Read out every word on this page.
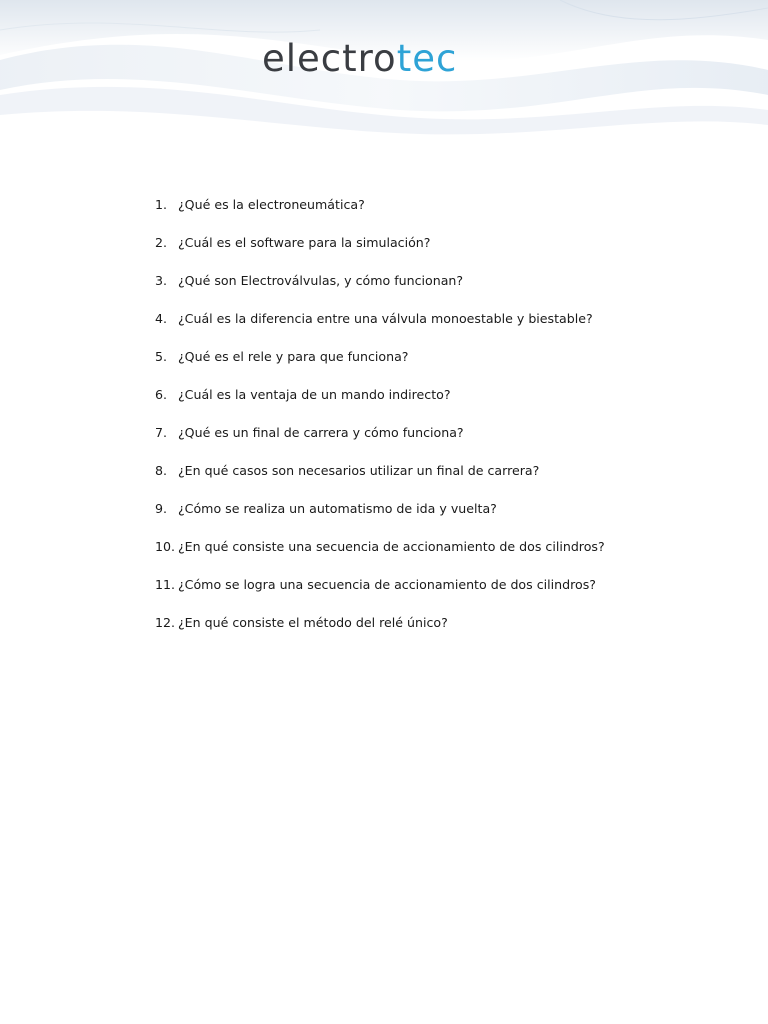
electrotec
1. ¿Qué es la electroneumática?
2. ¿Cuál es el software para la simulación?
3. ¿Qué son Electroválvulas, y cómo funcionan?
4. ¿Cuál es la diferencia entre una válvula monoestable y biestable?
5. ¿Qué es el rele y para que funciona?
6. ¿Cuál es la ventaja de un mando indirecto?
7. ¿Qué es un final de carrera y cómo funciona?
8. ¿En qué casos son necesarios utilizar un final de carrera?
9. ¿Cómo se realiza un automatismo de ida y vuelta?
10. ¿En qué consiste una secuencia de accionamiento de dos cilindros?
11. ¿Cómo se logra una secuencia de accionamiento de dos cilindros?
12. ¿En qué consiste el método del relé único?
